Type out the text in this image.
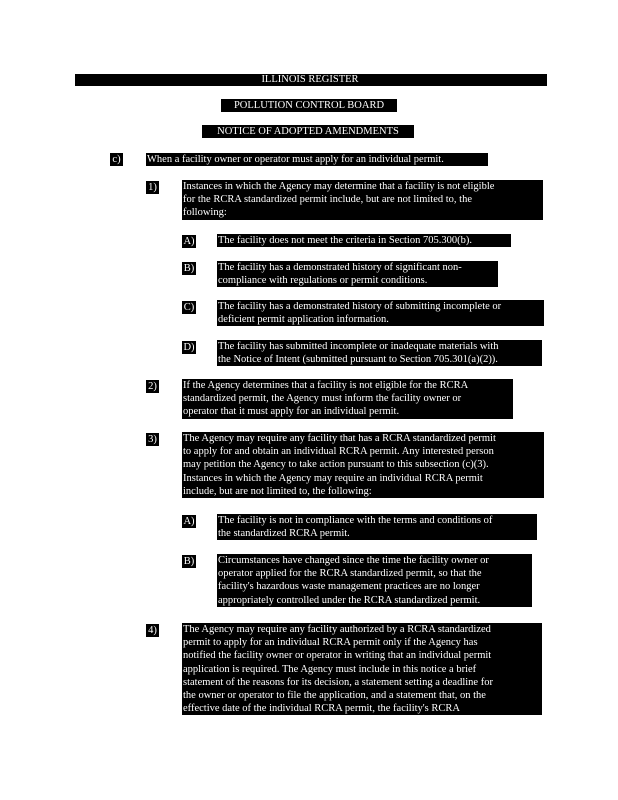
ILLINOIS REGISTER
POLLUTION CONTROL BOARD
NOTICE OF ADOPTED AMENDMENTS
c)	When a facility owner or operator must apply for an individual permit.
1) Instances in which the Agency may determine that a facility is not eligible
for the RCRA standardized permit include, but are not limited to, the
following:
A) The facility does not meet the criteria in Section 705.300(b).
B) The facility has a demonstrated history of significant non-
compliance with regulations or permit conditions.
C) The facility has a demonstrated history of submitting incomplete or
deficient permit application information.
D) The facility has submitted incomplete or inadequate materials with
the Notice of Intent (submitted pursuant to Section 705.301(a)(2)).
2) If the Agency determines that a facility is not eligible for the RCRA
standardized permit, the Agency must inform the facility owner or
operator that it must apply for an individual permit.
3) The Agency may require any facility that has a RCRA standardized permit
to apply for and obtain an individual RCRA permit. Any interested person
may petition the Agency to take action pursuant to this subsection (c)(3).
Instances in which the Agency may require an individual RCRA permit
include, but are not limited to, the following:
A) The facility is not in compliance with the terms and conditions of
the standardized RCRA permit.
B) Circumstances have changed since the time the facility owner or
operator applied for the RCRA standardized permit, so that the
facility's hazardous waste management practices are no longer
appropriately controlled under the RCRA standardized permit.
4) The Agency may require any facility authorized by a RCRA standardized
permit to apply for an individual RCRA permit only if the Agency has
notified the facility owner or operator in writing that an individual permit
application is required. The Agency must include in this notice a brief
statement of the reasons for its decision, a statement setting a deadline for
the owner or operator to file the application, and a statement that, on the
effective date of the individual RCRA permit, the facility's RCRA
